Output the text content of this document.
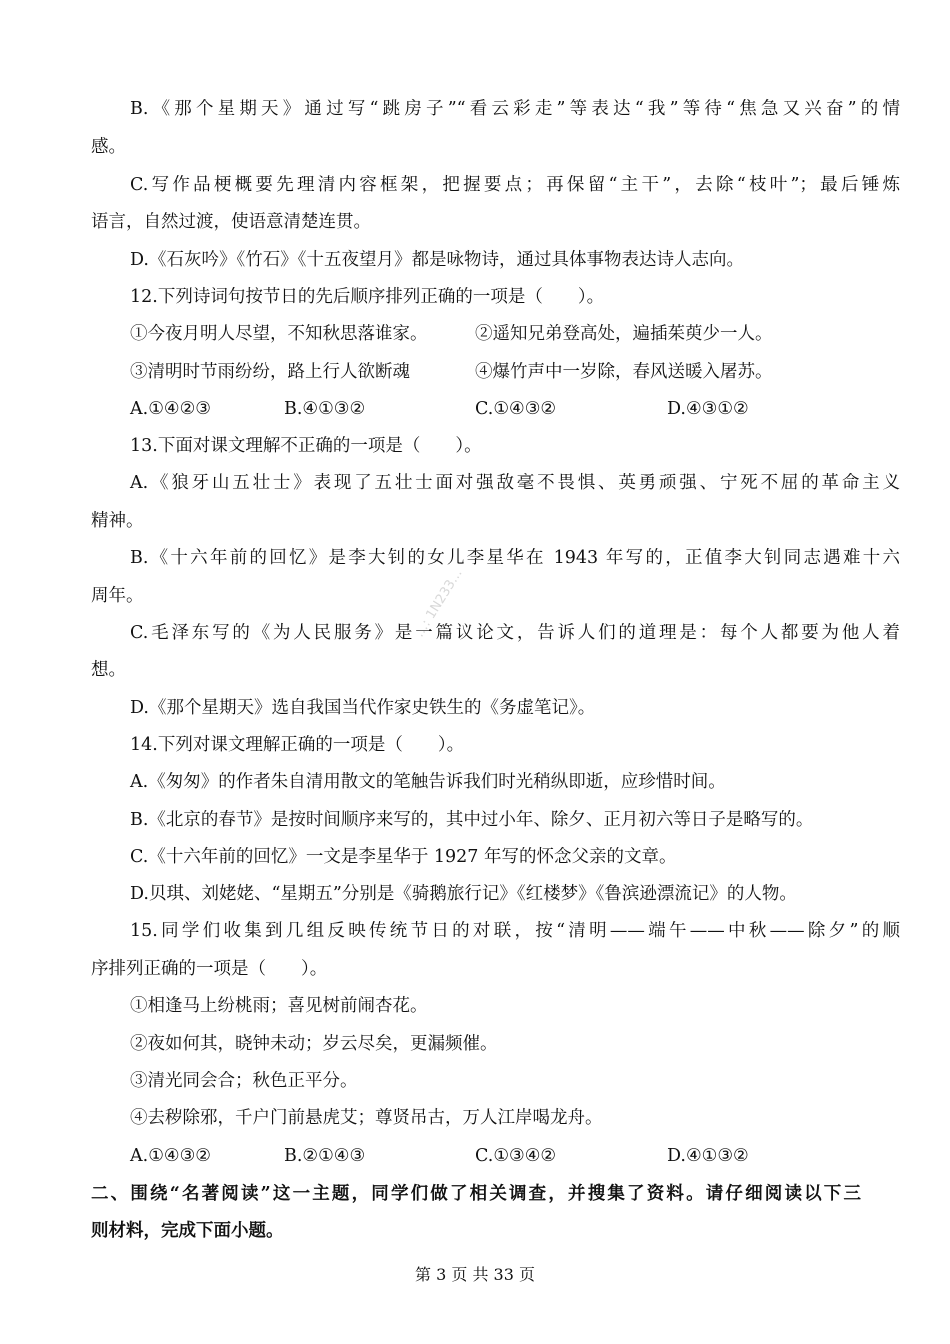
B.《那个星期天》通过写“跳房子”“看云彩走”等表达“我”等待“焦急又兴奋”的情
感。
C.写作品梗概要先理清内容框架，把握要点；再保留“主干”，去除“枝叶”；最后锤炼
语言，自然过渡，使语意清楚连贯。
D.《石灰吟》《竹石》《十五夜望月》都是咏物诗，通过具体事物表达诗人志向。
12.下列诗词句按节日的先后顺序排列正确的一项是（　　）。
①今夜月明人尽望，不知秋思落谁家。	②遥知兄弟登高处，遍插茱萸少一人。
③清明时节雨纷纷，路上行人欲断魂	④爆竹声中一岁除，春风送暖入屠苏。
A.①④②③	B.④①③②	C.①④③②	D.④③①②
13.下面对课文理解不正确的一项是（　　）。
A.《狼牙山五壮士》表现了五壮士面对强敌毫不畏惧、英勇顽强、宁死不屈的革命主义
精神。
B.《十六年前的回忆》是李大钊的女儿李星华在 1943 年写的，正值李大钊同志遇难十六
周年。
C.毛泽东写的《为人民服务》是一篇议论文，告诉人们的道理是：每个人都要为他人着
想。
D.《那个星期天》选自我国当代作家史铁生的《务虚笔记》。
14.下列对课文理解正确的一项是（　　）。
A.《匆匆》的作者朱自清用散文的笔触告诉我们时光稍纵即逝，应珍惜时间。
B.《北京的春节》是按时间顺序来写的，其中过小年、除夕、正月初六等日子是略写的。
C.《十六年前的回忆》一文是李星华于 1927 年写的怀念父亲的文章。
D.贝琪、刘姥姥、“星期五”分别是《骑鹅旅行记》《红楼梦》《鲁滨逊漂流记》的人物。
15.同学们收集到几组反映传统节日的对联，按“清明——端午——中秋——除夕”的顺
序排列正确的一项是（　　）。
①相逢马上纷桃雨；喜见树前闹杏花。
②夜如何其，晓钟未动；岁云尽矣，更漏频催。
③清光同会合；秋色正平分。
④去秽除邪，千户门前悬虎艾；尊贤吊古，万人江岸喝龙舟。
A.①④③②	B.②①④③	C.①③④②	D.④①③②
二、围绕“名著阅读”这一主题，同学们做了相关调查，并搜集了资料。请仔细阅读以下三
则材料，完成下面小题。
…: 1N233…
第 3 页 共 33 页
